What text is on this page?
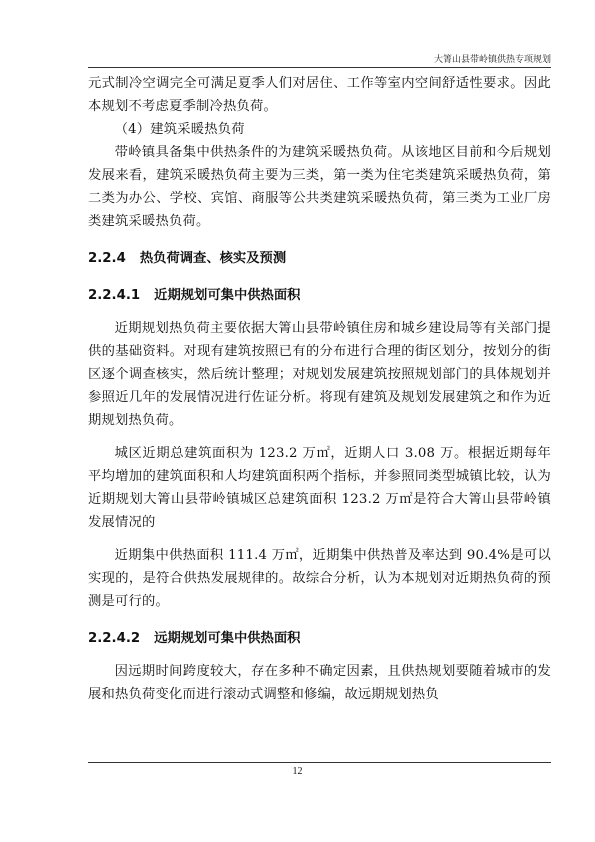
大箐山县带岭镇供热专项规划

元式制冷空调完全可满足夏季人们对居住、工作等室内空间舒适性要求。因此本规划不考虑夏季制冷热负荷。

（4）建筑采暖热负荷

带岭镇具备集中供热条件的为建筑采暖热负荷。从该地区目前和今后规划发展来看，建筑采暖热负荷主要为三类，第一类为住宅类建筑采暖热负荷，第二类为办公、学校、宾馆、商服等公共类建筑采暖热负荷，第三类为工业厂房类建筑采暖热负荷。

2.2.4 热负荷调查、核实及预测

2.2.4.1 近期规划可集中供热面积

近期规划热负荷主要依据大箐山县带岭镇住房和城乡建设局等有关部门提供的基础资料。对现有建筑按照已有的分布进行合理的街区划分，按划分的街区逐个调查核实，然后统计整理；对规划发展建筑按照规划部门的具体规划并参照近几年的发展情况进行佐证分析。将现有建筑及规划发展建筑之和作为近期规划热负荷。

城区近期总建筑面积为 123.2 万㎡，近期人口 3.08 万。根据近期每年平均增加的建筑面积和人均建筑面积两个指标，并参照同类型城镇比较，认为近期规划大箐山县带岭镇城区总建筑面积 123.2 万㎡是符合大箐山县带岭镇发展情况的

近期集中供热面积 111.4 万㎡，近期集中供热普及率达到 90.4%是可以实现的，是符合供热发展规律的。故综合分析，认为本规划对近期热负荷的预测是可行的。

2.2.4.2 远期规划可集中供热面积

因远期时间跨度较大，存在多种不确定因素，且供热规划要随着城市的发展和热负荷变化而进行滚动式调整和修编，故远期规划热负

12
